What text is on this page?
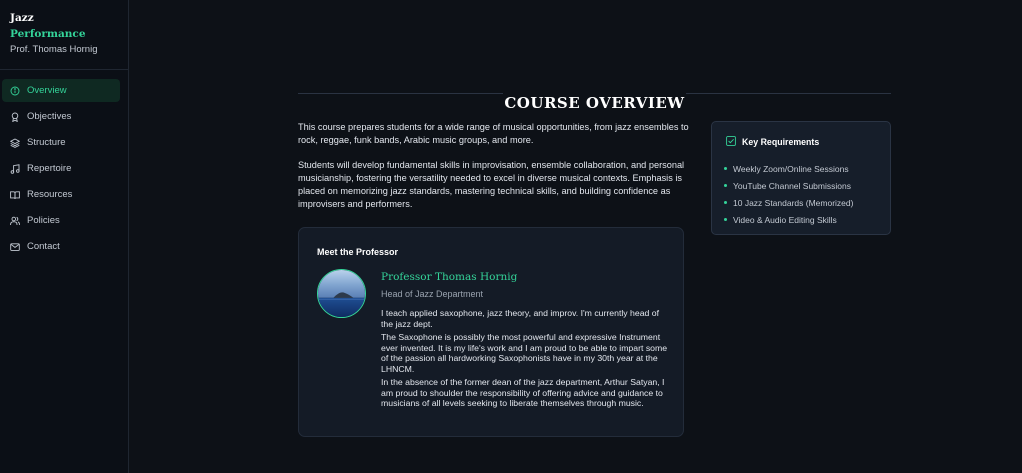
Jazz
Performance
Prof. Thomas Hornig
Overview
Objectives
Structure
Repertoire
Resources
Policies
Contact
COURSE OVERVIEW

This course prepares students for a wide range of musical opportunities, from jazz ensembles to rock, reggae, funk bands, Arabic music groups, and more.

Students will develop fundamental skills in improvisation, ensemble collaboration, and personal musicianship, fostering the versatility needed to excel in diverse musical contexts. Emphasis is placed on memorizing jazz standards, mastering technical skills, and building confidence as improvisers and performers.

Meet the Professor
Professor Thomas Hornig
Head of Jazz Department

I teach applied saxophone, jazz theory, and improv. I'm currently head of the jazz dept.

The Saxophone is possibly the most powerful and expressive Instrument ever invented. It is my life's work and I am proud to be able to impart some of the passion all hardworking Saxophonists have in my 30th year at the LHNCM.

In the absence of the former dean of the jazz department, Arthur Satyan, I am proud to shoulder the responsibility of offering advice and guidance to musicians of all levels seeking to liberate themselves through music.

Key Requirements
Weekly Zoom/Online Sessions
YouTube Channel Submissions
10 Jazz Standards (Memorized)
Video & Audio Editing Skills
